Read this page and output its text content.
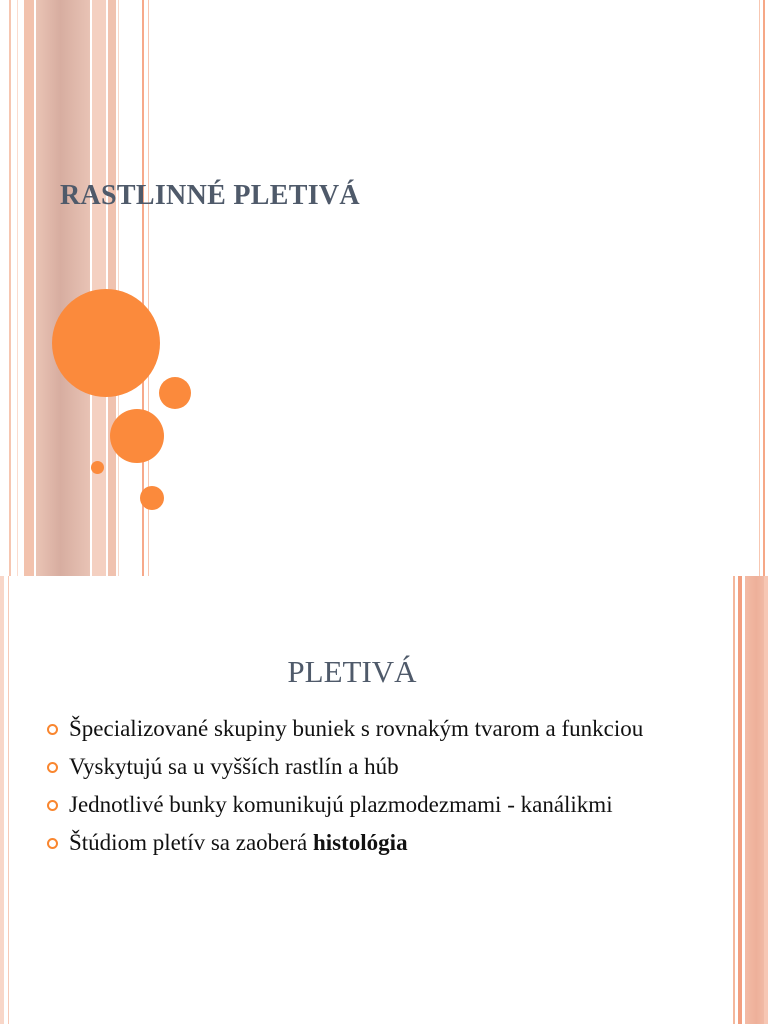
RASTLINNÉ PLETIVÁ
PLETIVÁ
Špecializované skupiny buniek s rovnakým tvarom a funkciou
Vyskytujú sa u vyšších rastlín a húb
Jednotlivé bunky komunikujú plazmodezmami - kanálikmi
Štúdiom pletív sa zaoberá histológia
